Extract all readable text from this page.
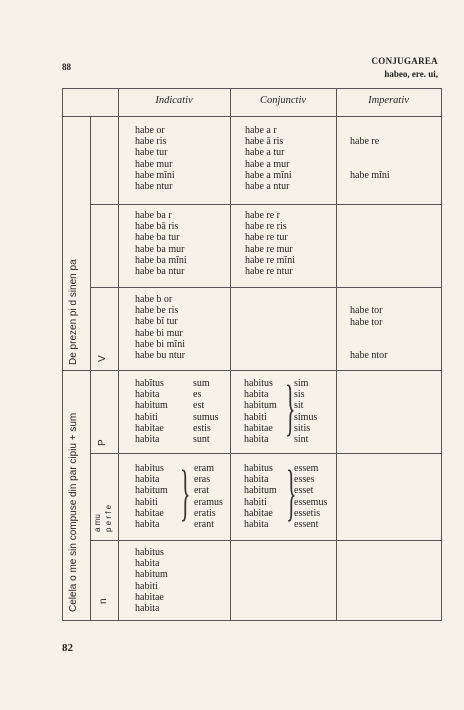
88
CONJUGAREA
habeo, ere. ui,
Indicativ	Conjunctiv	Imperativ
De prezen pi d sinen pa
Celela o me sin compuse din par cipiu + sum
V
P
a mu p e r f e
n
habe or
habe ris
habe tur
habe mur
habe mĭni
habe ntur
habe a r
habe ā ris
habe a tur
habe a mur
habe a mĭni
habe a ntur
habe re
habe mĭni
habe ba r
habe bā ris
habe ba tur
habe ba mur
habe ba mĭni
habe ba ntur
habe re r
habe re ris
habe re tur
habe re mur
habe re mĭni
habe re ntur
habe b or
habe be ris
habe bĭ tur
habe bi mur
habe bi mĭni
habe bu ntur
habe tor
habe tor
habe ntor
habĭtus
habita
habitum
habiti
habitae
habita
sum
es
est
sumus
estis
sunt
habitus
habita
habitum
habiti
habitae
habita }
sim
sis
sit
simus
sitis
sint
habitus
habita
habitum
habiti
habitae
habita } eram
eras
erat
eramus
eratis
erant
habitus
habita
habitum
habiti
habitae
habita }
essem
esses
esset
essemus
essetis
essent
habitus
habita
habitum
habiti
habitae
habita
82
